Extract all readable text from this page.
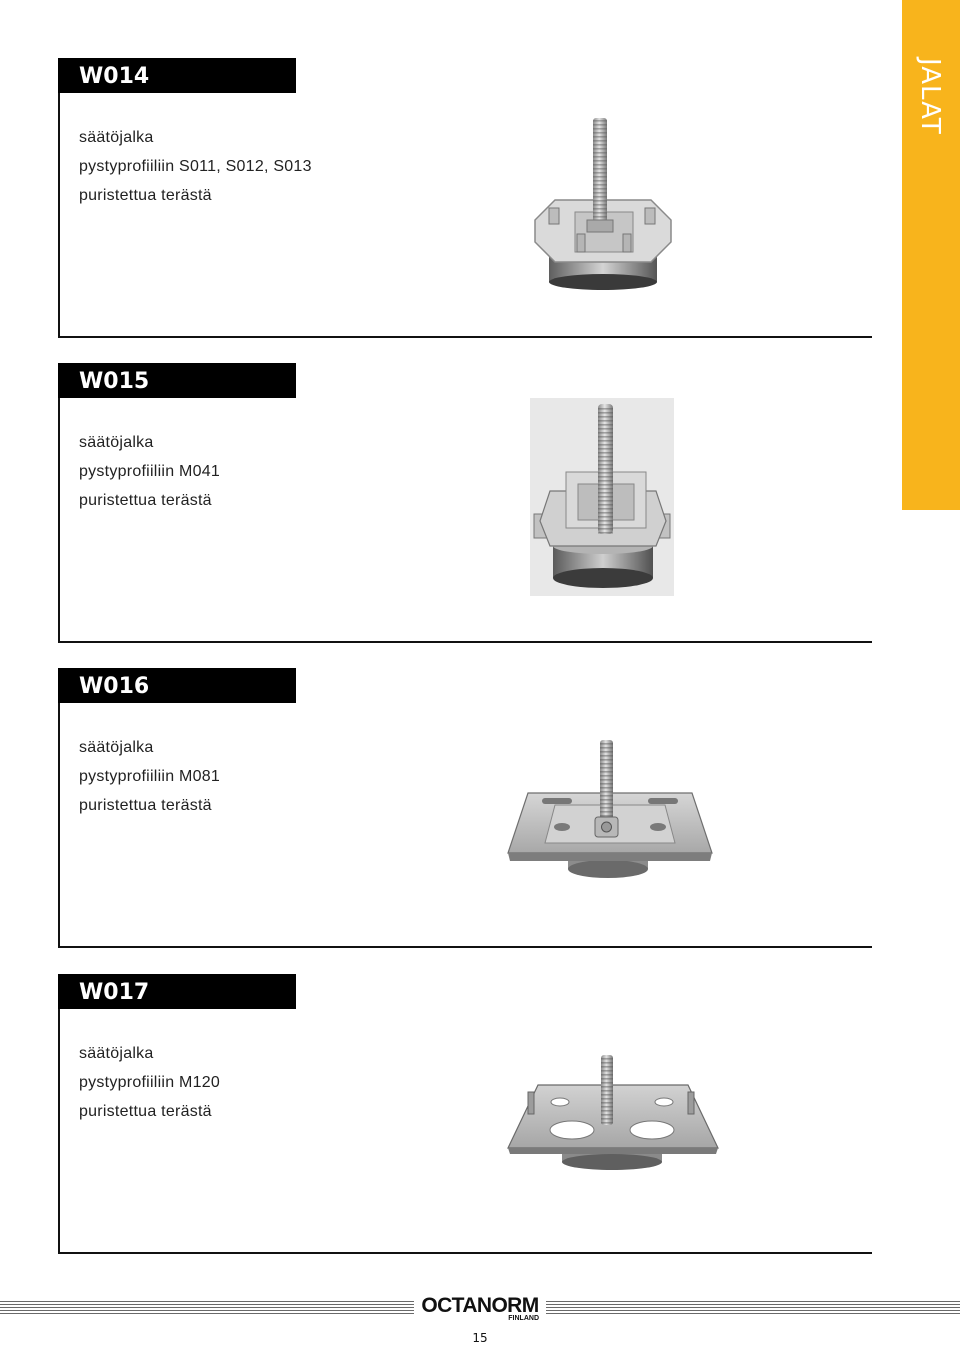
JALAT
W014
säätöjalka
pystyprofiiliin S011, S012, S013
puristettua terästä
W015
säätöjalka
pystyprofiiliin M041
puristettua terästä
W016
säätöjalka
pystyprofiiliin M081
puristettua terästä
W017
säätöjalka
pystyprofiiliin M120
puristettua terästä
OCTANORM
FINLAND
15
